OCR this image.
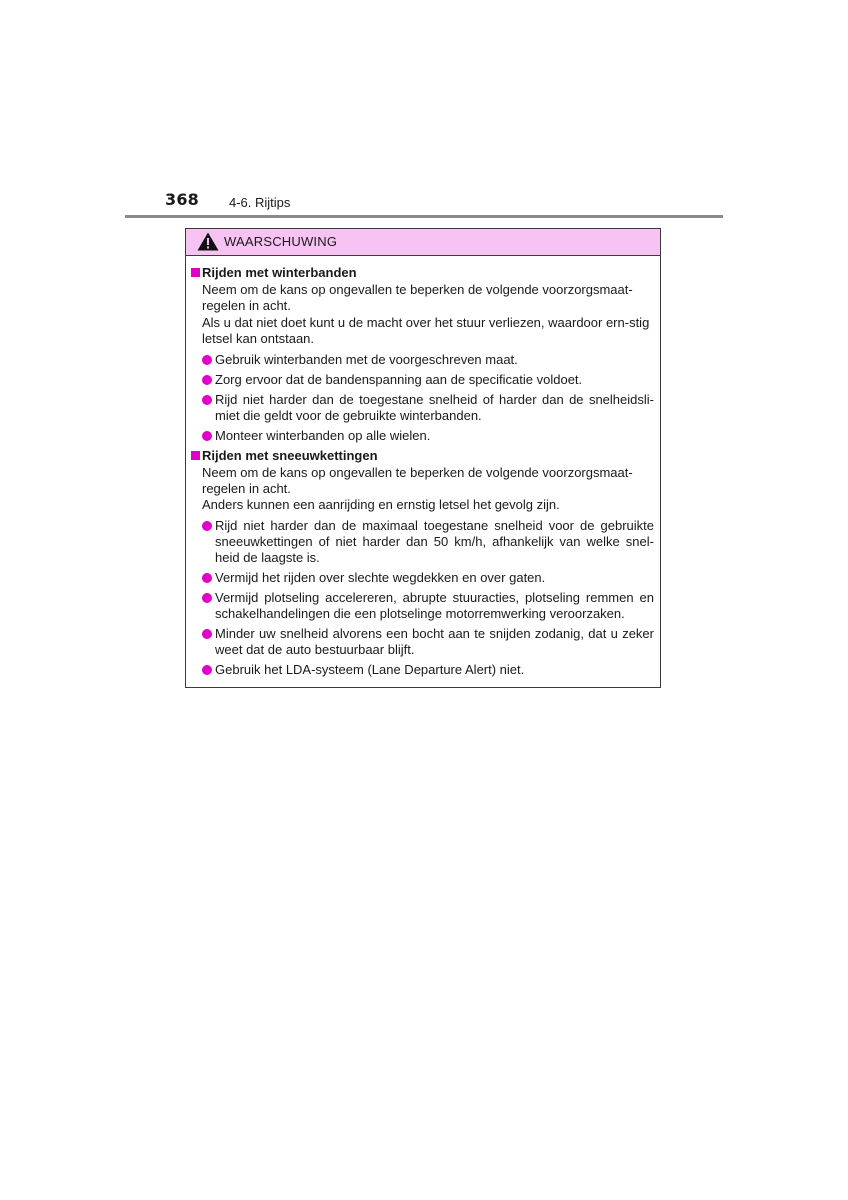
368 4-6. Rijtips
WAARSCHUWING
Rijden met winterbanden
Neem om de kans op ongevallen te beperken de volgende voorzorgsmaat-regelen in acht.
Als u dat niet doet kunt u de macht over het stuur verliezen, waardoor ern-stig letsel kan ontstaan.
Gebruik winterbanden met de voorgeschreven maat.
Zorg ervoor dat de bandenspanning aan de specificatie voldoet.
Rijd niet harder dan de toegestane snelheid of harder dan de snelheidsli-miet die geldt voor de gebruikte winterbanden.
Monteer winterbanden op alle wielen.
Rijden met sneeuwkettingen
Neem om de kans op ongevallen te beperken de volgende voorzorgsmaat-regelen in acht.
Anders kunnen een aanrijding en ernstig letsel het gevolg zijn.
Rijd niet harder dan de maximaal toegestane snelheid voor de gebruikte sneeuwkettingen of niet harder dan 50 km/h, afhankelijk van welke snel-heid de laagste is.
Vermijd het rijden over slechte wegdekken en over gaten.
Vermijd plotseling accelereren, abrupte stuuracties, plotseling remmen en schakelhandelingen die een plotselinge motorremwerking veroorzaken.
Minder uw snelheid alvorens een bocht aan te snijden zodanig, dat u zeker weet dat de auto bestuurbaar blijft.
Gebruik het LDA-systeem (Lane Departure Alert) niet.
